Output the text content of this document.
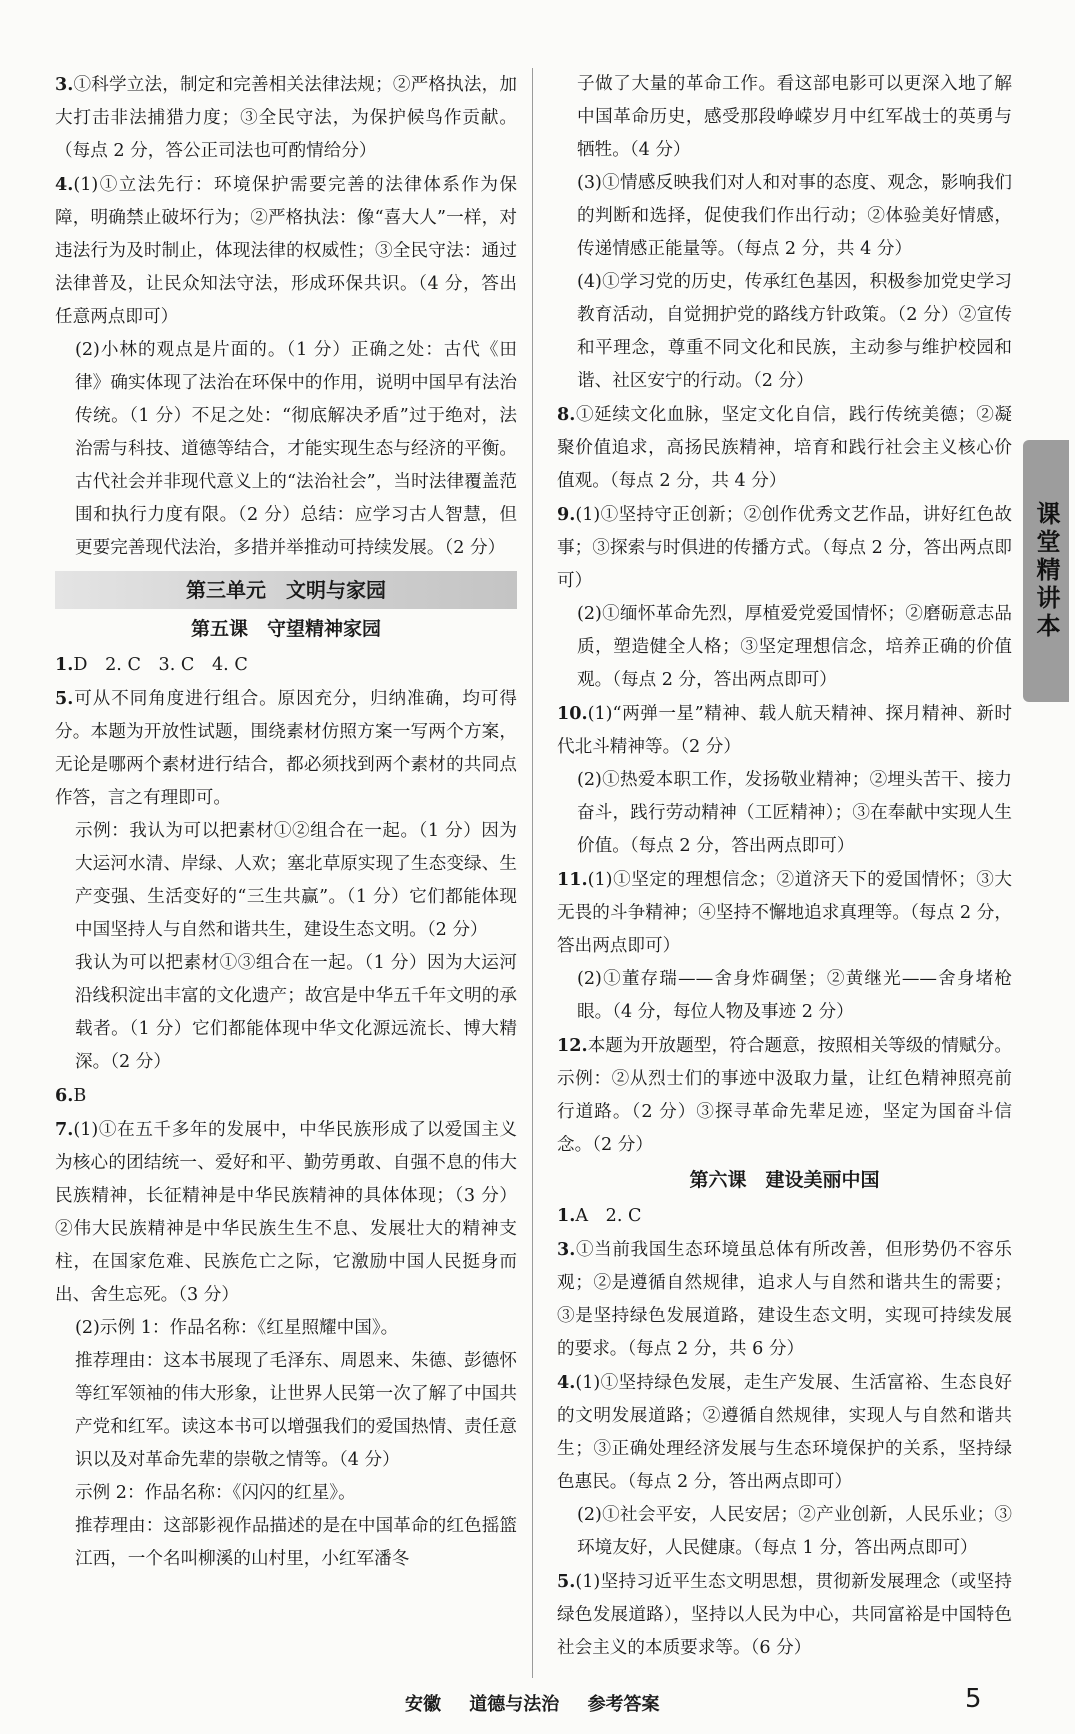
3.①科学立法，制定和完善相关法律法规；②严格执法，加大打击非法捕猎力度；③全民守法，为保护候鸟作贡献。（每点 2 分，答公正司法也可酌情给分）

4.(1)①立法先行：环境保护需要完善的法律体系作为保障，明确禁止破坏行为；②严格执法：像“喜大人”一样，对违法行为及时制止，体现法律的权威性；③全民守法：通过法律普及，让民众知法守法，形成环保共识。（4 分，答出任意两点即可）

(2)小林的观点是片面的。（1 分）正确之处：古代《田律》确实体现了法治在环保中的作用，说明中国早有法治传统。（1 分）不足之处：“彻底解决矛盾”过于绝对，法治需与科技、道德等结合，才能实现生态与经济的平衡。古代社会并非现代意义上的“法治社会”，当时法律覆盖范围和执行力度有限。（2 分）总结：应学习古人智慧，但更要完善现代法治，多措并举推动可持续发展。（2 分）

第三单元　文明与家园
第五课　守望精神家园

1.D　2. C　3. C　4. C

5.可从不同角度进行组合。原因充分，归纳准确，均可得分。本题为开放性试题，围绕素材仿照方案一写两个方案，无论是哪两个素材进行结合，都必须找到两个素材的共同点作答，言之有理即可。

示例：我认为可以把素材①②组合在一起。（1 分）因为大运河水清、岸绿、人欢；塞北草原实现了生态变绿、生产变强、生活变好的“三生共赢”。（1 分）它们都能体现中国坚持人与自然和谐共生，建设生态文明。（2 分）

我认为可以把素材①③组合在一起。（1 分）因为大运河沿线积淀出丰富的文化遗产；故宫是中华五千年文明的承载者。（1 分）它们都能体现中华文化源远流长、博大精深。（2 分）

6.B

7.(1)①在五千多年的发展中，中华民族形成了以爱国主义为核心的团结统一、爱好和平、勤劳勇敢、自强不息的伟大民族精神，长征精神是中华民族精神的具体体现；（3 分）②伟大民族精神是中华民族生生不息、发展壮大的精神支柱，在国家危难、民族危亡之际，它激励中国人民挺身而出、舍生忘死。（3 分）

(2)示例 1：作品名称：《红星照耀中国》。

推荐理由：这本书展现了毛泽东、周恩来、朱德、彭德怀等红军领袖的伟大形象，让世界人民第一次了解了中国共产党和红军。读这本书可以增强我们的爱国热情、责任意识以及对革命先辈的崇敬之情等。（4 分）

示例 2：作品名称：《闪闪的红星》。

推荐理由：这部影视作品描述的是在中国革命的红色摇篮江西，一个名叫柳溪的山村里，小红军潘冬

子做了大量的革命工作。看这部电影可以更深入地了解中国革命历史，感受那段峥嵘岁月中红军战士的英勇与牺牲。（4 分）

(3)①情感反映我们对人和对事的态度、观念，影响我们的判断和选择，促使我们作出行动；②体验美好情感，传递情感正能量等。（每点 2 分，共 4 分）

(4)①学习党的历史，传承红色基因，积极参加党史学习教育活动，自觉拥护党的路线方针政策。（2 分）②宣传和平理念，尊重不同文化和民族，主动参与维护校园和谐、社区安宁的行动。（2 分）

8.①延续文化血脉，坚定文化自信，践行传统美德；②凝聚价值追求，高扬民族精神，培育和践行社会主义核心价值观。（每点 2 分，共 4 分）

9.(1)①坚持守正创新；②创作优秀文艺作品，讲好红色故事；③探索与时俱进的传播方式。（每点 2 分，答出两点即可）

(2)①缅怀革命先烈，厚植爱党爱国情怀；②磨砺意志品质，塑造健全人格；③坚定理想信念，培养正确的价值观。（每点 2 分，答出两点即可）

10.(1)“两弹一星”精神、载人航天精神、探月精神、新时代北斗精神等。（2 分）

(2)①热爱本职工作，发扬敬业精神；②埋头苦干、接力奋斗，践行劳动精神（工匠精神）；③在奉献中实现人生价值。（每点 2 分，答出两点即可）

11.(1)①坚定的理想信念；②道济天下的爱国情怀；③大无畏的斗争精神；④坚持不懈地追求真理等。（每点 2 分，答出两点即可）

(2)①董存瑞——舍身炸碉堡；②黄继光——舍身堵枪眼。（4 分，每位人物及事迹 2 分）

12.本题为开放题型，符合题意，按照相关等级的情赋分。示例：②从烈士们的事迹中汲取力量，让红色精神照亮前行道路。（2 分）③探寻革命先辈足迹，坚定为国奋斗信念。（2 分）

第六课　建设美丽中国

1.A　2. C

3.①当前我国生态环境虽总体有所改善，但形势仍不容乐观；②是遵循自然规律，追求人与自然和谐共生的需要；③是坚持绿色发展道路，建设生态文明，实现可持续发展的要求。（每点 2 分，共 6 分）

4.(1)①坚持绿色发展，走生产发展、生活富裕、生态良好的文明发展道路；②遵循自然规律，实现人与自然和谐共生；③正确处理经济发展与生态环境保护的关系，坚持绿色惠民。（每点 2 分，答出两点即可）

(2)①社会平安，人民安居；②产业创新，人民乐业；③环境友好，人民健康。（每点 1 分，答出两点即可）

5.(1)坚持习近平生态文明思想，贯彻新发展理念（或坚持绿色发展道路），坚持以人民为中心，共同富裕是中国特色社会主义的本质要求等。（6 分）

课堂精讲本
安徽 道德与法治 参考答案	5
